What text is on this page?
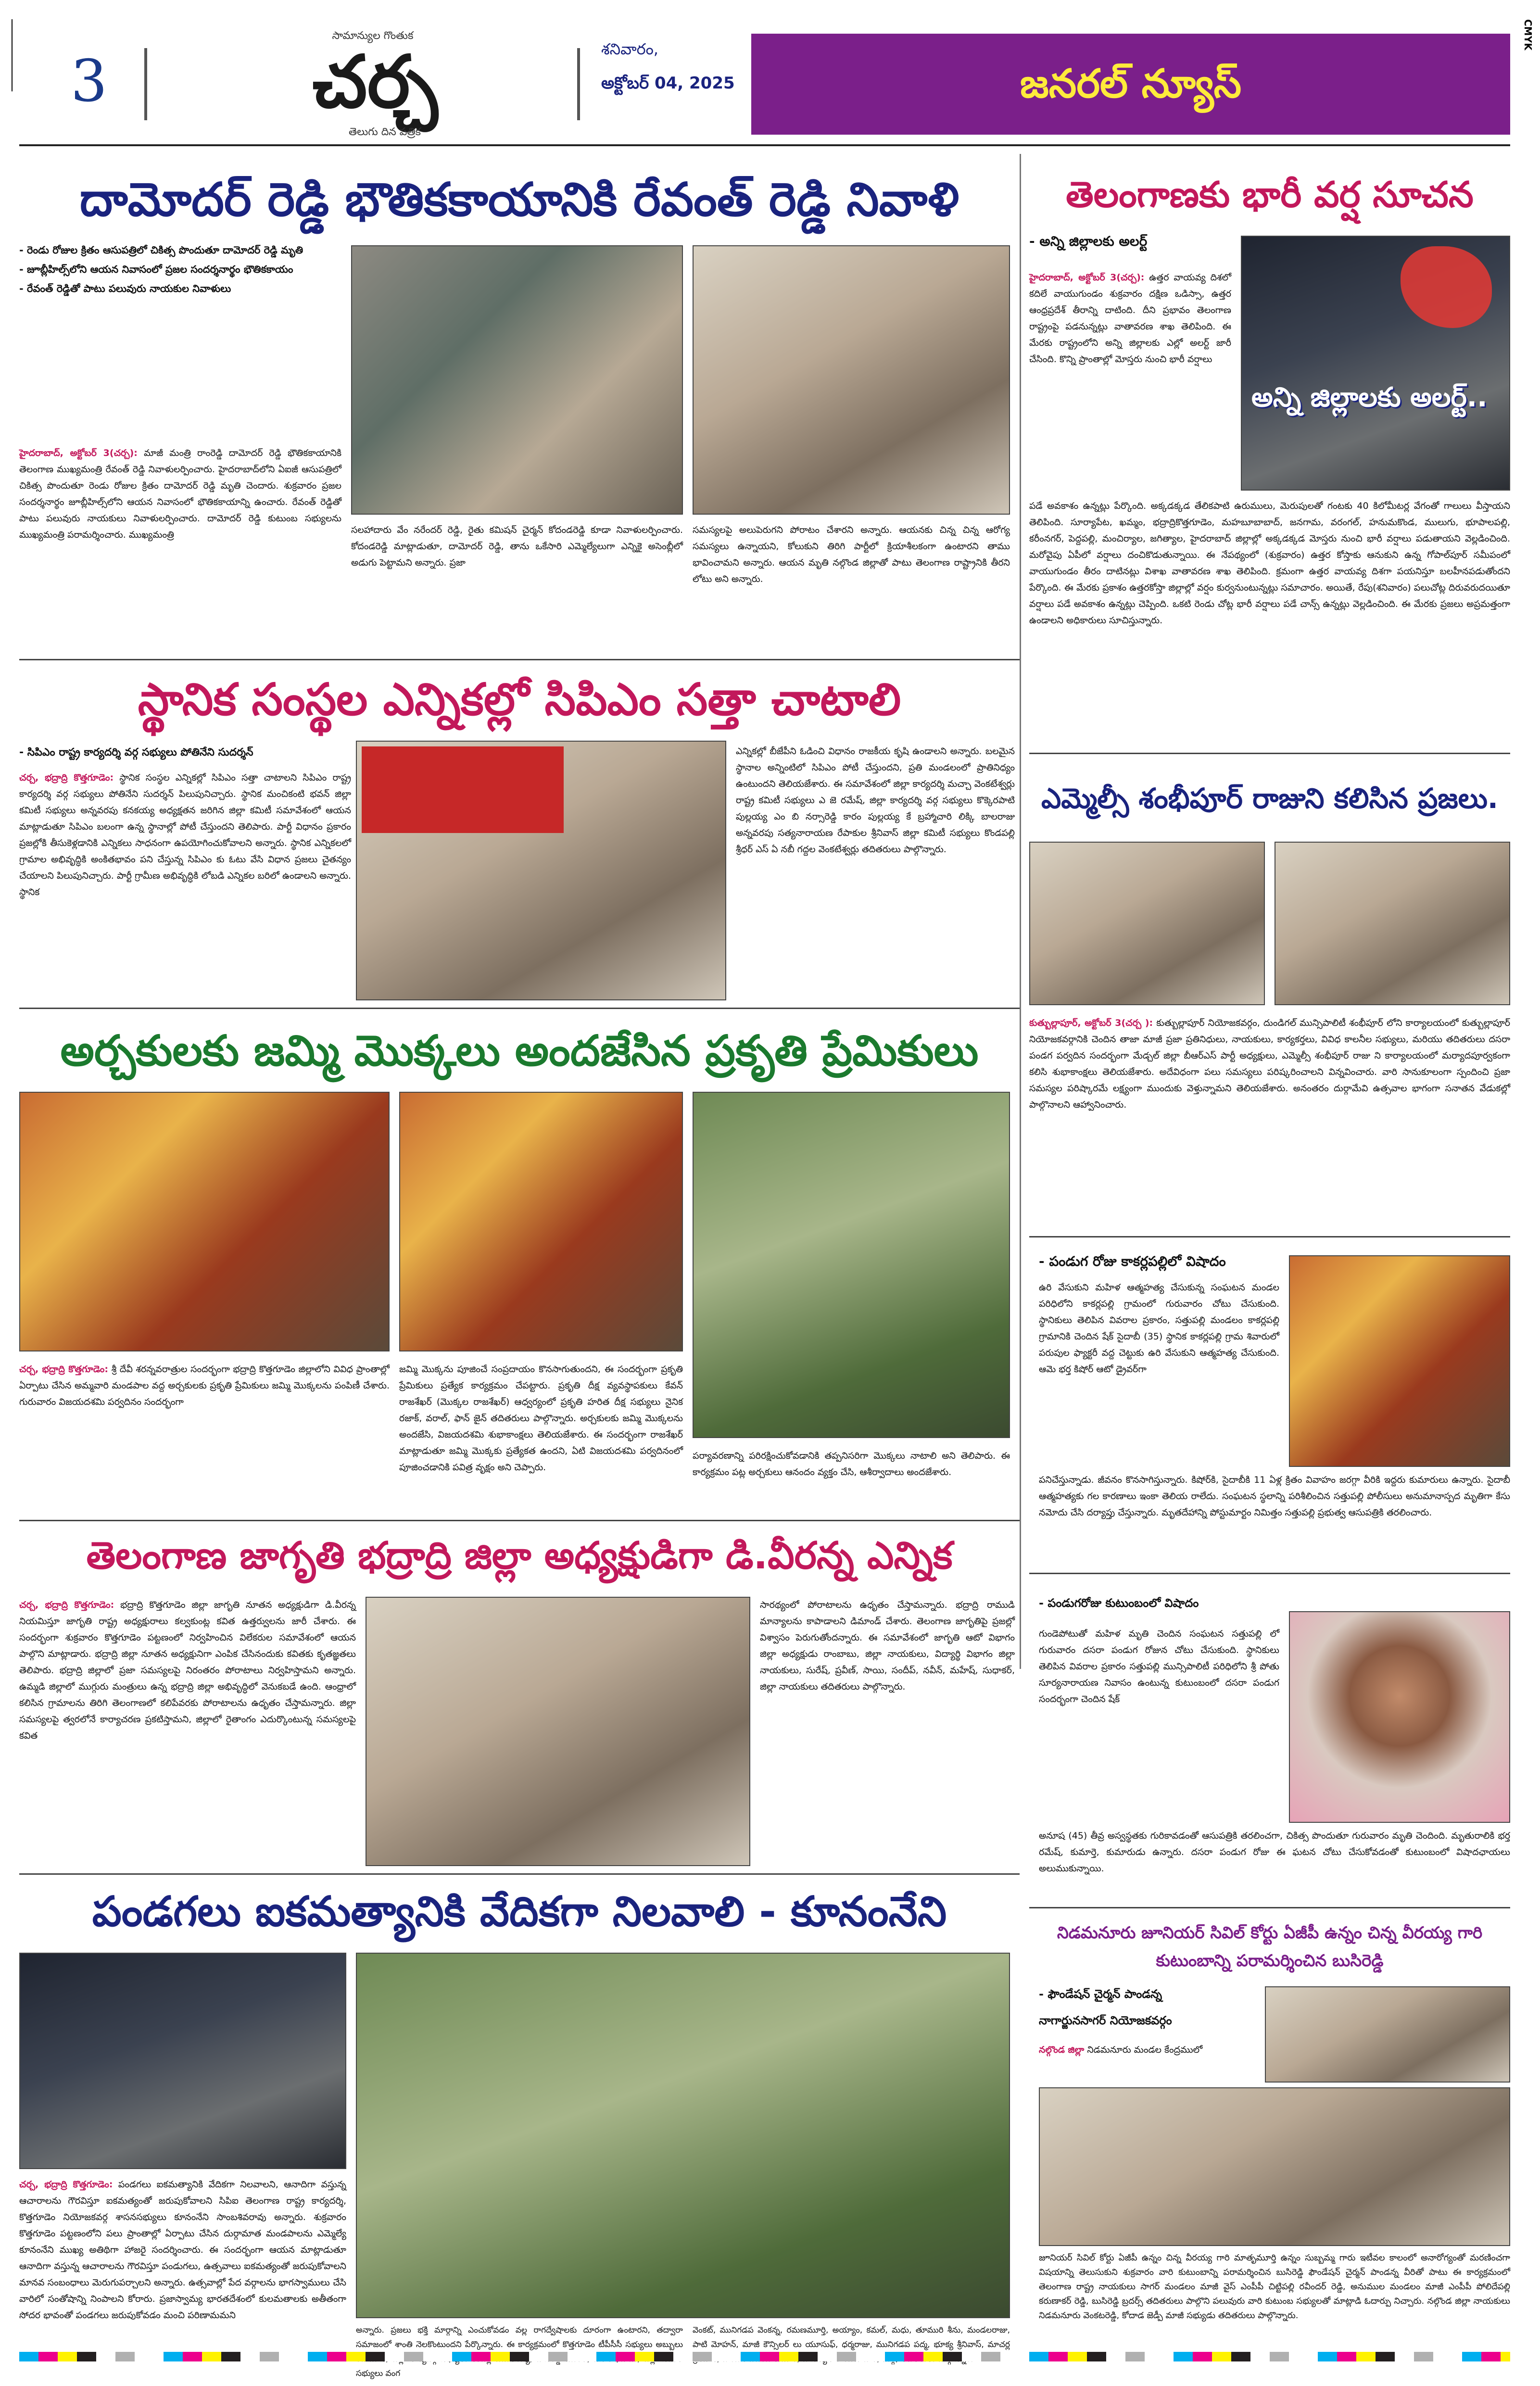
CMYK
3
సామాన్యుల గొంతుక
చర్చ
తెలుగు దిన పత్రిక
శనివారం,
అక్టోబర్ 04, 2025	జనరల్ న్యూస్
దామోదర్ రెడ్డి భౌతికకాయానికి రేవంత్ రెడ్డి నివాళి
- రెండు రోజుల క్రితం ఆసుపత్రిలో చికిత్స పొందుతూ దామోదర్ రెడ్డి మృతి
- జూబ్లీహిల్స్‌లోని ఆయన నివాసంలో ప్రజల సందర్శనార్థం భౌతికకాయం
- రేవంత్ రెడ్డితో పాటు పలువురు నాయకుల నివాళులు
హైదరాబాద్, అక్టోబర్ 3(చర్చ): మాజీ మంత్రి రాంరెడ్డి దామోదర్ రెడ్డి భౌతికకాయానికి తెలంగాణ ముఖ్యమంత్రి రేవంత్ రెడ్డి నివాళులర్పించారు. హైదరాబాద్‌లోని ఏఐజీ ఆసుపత్రిలో చికిత్స పొందుతూ రెండు రోజుల క్రితం దామోదర్ రెడ్డి మృతి చెందారు. శుక్రవారం ప్రజల సందర్శనార్థం జూబ్లీహిల్స్‌లోని ఆయన నివాసంలో భౌతికకాయాన్ని ఉంచారు. రేవంత్ రెడ్డితో పాటు పలువురు నాయకులు నివాళులర్పించారు. దామోదర్ రెడ్డి కుటుంబ సభ్యులను ముఖ్యమంత్రి పరామర్శించారు. ముఖ్యమంత్రి	సలహాదారు వేం నరేందర్ రెడ్డి, రైతు కమిషన్ చైర్మన్ కోదండరెడ్డి కూడా నివాళులర్పించారు. కోదండరెడ్డి మాట్లాడుతూ, దామోదర్ రెడ్డి, తాను ఒకేసారి ఎమ్మెల్యేలుగా ఎన్నికై అసెంబ్లీలో అడుగు పెట్టామని అన్నారు. ప్రజా
సమస్యలపై అలుపెరుగని పోరాటం చేశారని అన్నారు. ఆయనకు చిన్న చిన్న ఆరోగ్య సమస్యలు ఉన్నాయని, కోలుకుని తిరిగి పార్టీలో క్రియాశీలకంగా ఉంటారని తాము భావించామని అన్నారు. ఆయన మృతి నల్గొండ జిల్లాతో పాటు తెలంగాణ రాష్ట్రానికి తీరని లోటు అని అన్నారు.
తెలంగాణకు భారీ వర్ష సూచన
- అన్ని జిల్లాలకు అలర్ట్
హైదరాబాద్, అక్టోబర్ 3(చర్చ): ఉత్తర వాయవ్య దిశలో కదిలే వాయుగుండం శుక్రవారం దక్షిణ ఒడిస్సా, ఉత్తర ఆంధ్రప్రదేశ్ తీరాన్ని దాటింది. దీని ప్రభావం తెలంగాణ రాష్ట్రంపై పడనున్నట్లు వాతావరణ శాఖ తెలిపింది. ఈ మేరకు రాష్ట్రంలోని అన్ని జిల్లాలకు ఎల్లో అలర్ట్ జారీ చేసింది. కొన్ని ప్రాంతాల్లో మోస్తరు నుంచి భారీ వర్షాలు
అన్ని జిల్లాలకు అలర్ట్..
పడే అవకాశం ఉన్నట్లు పేర్కొంది. అక్కడక్కడ తేలికపాటి ఉరుములు, మెరుపులతో గంటకు 40 కిలోమీటర్ల వేగంతో గాలులు వీస్తాయని తెలిపింది. సూర్యాపేట, ఖమ్మం, భద్రాద్రికొత్తగూడెం, మహబూబాబాద్, జనగామ, వరంగల్, హనుమకొండ, ములుగు, భూపాలపల్లి, కరీంనగర్, పెద్దపల్లి, మంచిర్యాల, జగిత్యాల, హైదరాబాద్ జిల్లాల్లో అక్కడక్కడ మోస్తరు నుంచి భారీ వర్షాలు పడుతాయని వెల్లడించింది. మరోవైపు ఏపీలో వర్షాలు దంచికొడుతున్నాయి. ఈ నేపథ్యంలో (శుక్రవారం) ఉత్తర కోస్తాకు ఆనుకుని ఉన్న గోపాల్‌పూర్ సమీపంలో వాయుగుండం తీరం దాటినట్లు విశాఖ వాతావరణ శాఖ తెలిపింది. క్రమంగా ఉత్తర వాయవ్య దిశగా పయనిస్తూ బలహీనపడుతోందని పేర్కొంది. ఈ మేరకు ప్రకాశం ఉత్తరకోస్తా జిల్లాల్లో వర్షం కుర్వనుంటున్నట్లు సమాచారం. అయితే, రేపు(శనివారం) పలుచోట్ల దిరువరుదయితూ వర్షాలు పడే అవకాశం ఉన్నట్లు చెప్పింది. ఒకటి రెండు చోట్ల భారీ వర్షాలు పడే చాన్స్ ఉన్నట్లు వెల్లడించింది. ఈ మేరకు ప్రజలు అప్రమత్తంగా ఉండాలని అధికారులు సూచిస్తున్నారు.
స్థానిక సంస్థల ఎన్నికల్లో సిపిఎం సత్తా చాటాలి
- సిపిఎం రాష్ట్ర కార్యదర్శి వర్గ సభ్యులు పోతినేని సుదర్శన్
చర్చ, భద్రాద్రి కొత్తగూడెం: స్థానిక సంస్థల ఎన్నికల్లో సిపిఎం సత్తా చాటాలని సిపిఎం రాష్ట్ర కార్యదర్శి వర్గ సభ్యులు పోతినేని సుదర్శన్ పిలుపునిచ్చారు. స్థానిక మంచికంటి భవన్ జిల్లా కమిటీ సభ్యులు అన్నవరపు కనకయ్య అధ్యక్షతన జరిగిన జిల్లా కమిటీ సమావేశంలో ఆయన మాట్లాడుతూ సిపిఎం బలంగా ఉన్న స్థానాల్లో పోటీ చేస్తుందని తెలిపారు. పార్టీ విధానం ప్రకారం ప్రజల్లోకి తీసుకెళ్లడానికి ఎన్నికలు సాధనంగా ఉపయోగించుకోవాలని అన్నారు. స్థానిక ఎన్నికలలో గ్రామాల అభివృద్ధికి అంకితభావం పని చేస్తున్న సిపిఎం కు ఓటు వేసి విధాన ప్రజలు చైతన్యం చేయాలని పిలుపునిచ్చారు. పార్టీ గ్రామీణ అభివృద్ధికి లోబడి ఎన్నికల బరిలో ఉండాలని అన్నారు. స్థానిక
ఎన్నికల్లో బీజేపీని ఓడించి విధానం రాజకీయ కృషి ఉండాలని అన్నారు. బలమైన స్థానాల అన్నింటిలో సిపిఎం పోటీ చేస్తుందని, ప్రతి మండలంలో ప్రాతినిధ్యం ఉంటుందని తెలియజేశారు. ఈ సమావేశంలో జిల్లా కార్యదర్శి మచ్చా వెంకటేశ్వర్లు రాష్ట్ర కమిటీ సభ్యులు ఎ జె రమేష్, జిల్లా కార్యదర్శి వర్గ సభ్యులు కొక్కెరపాటి పుల్లయ్య ఎం బి నర్సారెడ్డి కారం పుల్లయ్య కే బ్రహ్మాచారి లిక్కి బాలరాజు అన్నవరపు సత్యనారాయణ రేపాకుల శ్రీనివాస్ జిల్లా కమిటీ సభ్యులు కొండపల్లి శ్రీధర్ ఎస్ ఏ నబీ గద్దల వెంకటేశ్వర్లు తదితరులు పాల్గొన్నారు.
ఎమ్మెల్సీ శంభీపూర్ రాజుని కలిసిన ప్రజలు.
కుత్బుల్లాపూర్, అక్టోబర్ 3(చర్చ ): కుత్బుల్లాపూర్ నియోజకవర్గం, దుండిగల్ మున్సిపాలిటీ శంభీపూర్ లోని కార్యాలయంలో కుత్బుల్లాపూర్ నియోజకవర్గానికి చెందిన తాజా మాజీ ప్రజా ప్రతినిధులు, నాయకులు, కార్యకర్తలు, వివిధ కాలనీల సభ్యులు, మరియు తదితరులు దసరా పండగ పర్వదిన సందర్భంగా మేడ్చల్ జిల్లా బీఆర్‌ఎస్ పార్టీ అధ్యక్షులు, ఎమ్మెల్సీ శంభీపూర్ రాజు ని కార్యాలయంలో మర్యాదపూర్వకంగా కలిసి శుభాకాంక్షలు తెలియజేశారు. అదేవిధంగా పలు సమస్యలు పరిష్కరించాలని విన్నవించారు. వారి సానుకూలంగా స్పందించి ప్రజా సమస్యల పరిష్కారమే లక్ష్యంగా ముందుకు వెళ్తున్నామని తెలియజేశారు. అనంతరం దుర్గామేవి ఉత్సవాల భాగంగా సనాతన వేడుకల్లో పాల్గొనాలని ఆహ్వానించారు.
అర్చకులకు జమ్మి మొక్కలు అందజేసిన ప్రకృతి ప్రేమికులు
చర్చ, భద్రాద్రి కొత్తగూడెం: శ్రీ దేవీ శరన్నవరాత్రుల సందర్భంగా భద్రాద్రి కొత్తగూడెం జిల్లాలోని వివిధ ప్రాంతాల్లో ఏర్పాటు చేసిన అమ్మవారి మండపాల వద్ద అర్చకులకు ప్రకృతి ప్రేమికులు జమ్మి మొక్కలను పంపిణీ చేశారు. గురువారం విజయదశమి పర్వదినం సందర్భంగా
జమ్మి మొక్కను పూజించే సంప్రదాయం కొనసాగుతుందని, ఈ సందర్భంగా ప్రకృతి ప్రేమికులు ప్రత్యేక కార్యక్రమం చేపట్టారు. ప్రకృతి దీక్ష వ్యవస్థాపకులు కేవన్ రాజశేఖర్ (మొక్కల రాజశేఖర్) ఆధ్వర్యంలో ప్రకృతి హరిత దీక్ష సభ్యులు నైనిక రజాక్, వరాల్, ఫాన్ జైన్ తదితరులు పాల్గొన్నారు. అర్చకులకు జమ్మి మొక్కలను అందజేసి, విజయదశమి శుభాకాంక్షలు తెలియజేశారు. ఈ సందర్భంగా రాజశేఖర్ మాట్లాడుతూ జమ్మి మొక్కకు ప్రత్యేకత ఉందని, ఏటి విజయదశమి పర్వదినంలో పూజించడానికి పవిత్ర వృక్షం అని చెప్పారు.
పర్యావరణాన్ని పరిరక్షించుకోవడానికి తప్పనిసరిగా మొక్కలు నాటాలి అని తెలిపారు. ఈ కార్యక్రమం పట్ల అర్చకులు ఆనందం వ్యక్తం చేసి, ఆశీర్వాదాలు అందజేశారు.
- పండుగ రోజు కాకర్లపల్లిలో విషాదం
ఉరి వేసుకుని మహిళ ఆత్మహత్య చేసుకున్న సంఘటన మండల పరిధిలోని కాకర్లపల్లి గ్రామంలో గురువారం చోటు చేసుకుంది. స్థానికులు తెలిపిన వివరాల ప్రకారం, సత్తుపల్లి మండలం కాకర్లపల్లి గ్రామానికి చెందిన షేక్ సైదాబీ (35) స్థానిక కాకర్లపల్లి గ్రామ శివారులో పరుపుల ఫ్యాక్టరీ వద్ద చెట్టుకు ఉరి వేసుకుని ఆత్మహత్య చేసుకుంది. ఆమె భర్త కిషోర్ ఆటో డ్రైవర్‌గా
పనిచేస్తున్నాడు. జీవనం కొనసాగిస్తున్నారు. కిషోర్‌కి, సైదాబీకి 11 ఏళ్ల క్రితం వివాహం జరగ్గా వీరికి ఇద్దరు కుమారులు ఉన్నారు. సైదాబీ ఆత్మహత్యకు గల కారణాలు ఇంకా తెలియ రాలేదు. సంఘటన స్థలాన్ని పరిశీలించిన సత్తుపల్లి పోలీసులు అనుమానాస్పద మృతిగా కేసు నమోదు చేసి దర్యాప్తు చేస్తున్నారు. మృతదేహాన్ని పోస్టుమార్టం నిమిత్తం సత్తుపల్లి ప్రభుత్వ ఆసుపత్రికి తరలించారు.
తెలంగాణ జాగృతి భద్రాద్రి జిల్లా అధ్యక్షుడిగా డి.వీరన్న ఎన్నిక
చర్చ, భద్రాద్రి కొత్తగూడెం: భద్రాద్రి కొత్తగూడెం జిల్లా జాగృతి నూతన అధ్యక్షుడిగా డి.వీరన్న నియమిస్తూ జాగృతి రాష్ట్ర అధ్యక్షురాలు కల్వకుంట్ల కవిత ఉత్తర్వులను జారీ చేశారు. ఈ సందర్భంగా శుక్రవారం కొత్తగూడెం పట్టణంలో నిర్వహించిన విలేకరుల సమావేశంలో ఆయన పాల్గొని మాట్లాడారు. భద్రాద్రి జిల్లా నూతన అధ్యక్షునిగా ఎంపిక చేసినందుకు కవితకు కృతజ్ఞతలు తెలిపారు. భద్రాద్రి జిల్లాలో ప్రజా సమస్యలపై నిరంతరం పోరాటాలు నిర్వహిస్తామని అన్నారు. ఉమ్మడి జిల్లాలో ముగ్గురు మంత్రులు ఉన్న భద్రాద్రి జిల్లా అభివృద్ధిలో వెనుకబడే ఉంది. ఆంధ్రాలో కలిసిన గ్రామాలను తిరిగి తెలంగాణలో కలిపేవరకు పోరాటాలను ఉధృతం చేస్తామన్నారు. జిల్లా సమస్యలపై త్వరలోనే కార్యాచరణ ప్రకటిస్తామని, జిల్లాలో రైతాంగం ఎదుర్కొంటున్న సమస్యలపై కవిత
సారథ్యంలో పోరాటాలను ఉధృతం చేస్తామన్నారు. భద్రాద్రి రాముడి మాన్యాలను కాపాడాలని డిమాండ్ చేశారు. తెలంగాణ జాగృతిపై ప్రజల్లో విశ్వాసం పెరుగుతోందన్నారు. ఈ సమావేశంలో జాగృతి ఆటో విభాగం జిల్లా అధ్యక్షుడు రాంబాబు, జిల్లా నాయకులు, విద్యార్థి విభాగం జిల్లా నాయకులు, సురేష్, ప్రవీణ్, సాయి, సందీప్, నవీన్, మహేష్, సుధాకర్, జిల్లా నాయకులు తదితరులు పాల్గొన్నారు.
- పండుగరోజు కుటుంబంలో విషాదం
గుండెపోటుతో మహిళ మృతి చెందిన సంఘటన సత్తుపల్లి లో గురువారం దసరా పండుగ రోజున చోటు చేసుకుంది. స్థానికులు తెలిపిన వివరాల ప్రకారం సత్తుపల్లి మున్సిపాలిటీ పరిధిలోని శ్రీ పోతు సూర్యనారాయణ నివాసం ఉంటున్న కుటుంబంలో దసరా పండుగ సందర్భంగా చెందిన షేక్
అనూష (45) తీవ్ర అస్వస్థతకు గురికావడంతో ఆసుపత్రికి తరలించగా, చికిత్స పొందుతూ గురువారం మృతి చెందింది. మృతురాలికి భర్త రమేష్, కుమార్తె, కుమారుడు ఉన్నారు. దసరా పండుగ రోజు ఈ ఘటన చోటు చేసుకోవడంతో కుటుంబంలో విషాదఛాయలు అలుముకున్నాయి.
పండగలు ఐకమత్యానికి వేదికగా నిలవాలి - కూనంనేని
చర్చ, భద్రాద్రి కొత్తగూడెం: పండగలు ఐకమత్యానికి వేదికగా నిలవాలని, ఆనాదిగా వస్తున్న ఆచారాలను గౌరవిస్తూ ఐకమత్యంతో జరుపుకోవాలని సిపిఐ తెలంగాణ రాష్ట్ర కార్యదర్శి, కొత్తగూడెం నియోజకవర్గ శాసనసభ్యులు కూనంనేని సాంబశివరావు అన్నారు. శుక్రవారం కొత్తగూడెం పట్టణంలోని పలు ప్రాంతాల్లో ఏర్పాటు చేసిన దుర్గామాత మండపాలను ఎమ్మెల్యే కూనంనేని ముఖ్య అతిథిగా హాజరై సందర్శించారు. ఈ సందర్భంగా ఆయన మాట్లాడుతూ ఆనాదిగా వస్తున్న ఆచారాలను గౌరవిస్తూ పండుగలు, ఉత్సవాలు ఐకమత్యంతో జరుపుకోవాలని మానవ సంబంధాలు మెరుగుపర్చాలని అన్నారు. ఉత్సవాల్లో పేద వర్గాలను భాగస్వాములు చేసి వారిలో సంతోషాన్ని నింపాలని కోరారు. ప్రజాస్వామ్య భారతదేశంలో కులమతాలకు అతీతంగా సోదర భావంతో పండగలు జరుపుకోవడం మంచి పరిణామమని
అన్నారు. ప్రజలు భక్తి మార్గాన్ని ఎంచుకోవడం వల్ల రాగద్వేషాలకు దూరంగా ఉంటారని, తద్వారా సమాజంలో శాంతి నెలకొంటుందని పేర్కొన్నారు. ఈ కార్యక్రమంలో కొత్తగూడెం టీపీసీసీ సభ్యులు అబ్బులు సభ్యులు వంగ
వెంకట్, మునిగడప వెంకన్న, రమణమూర్తి, అయ్యాం, కమల్, మధు, తూమురి శీను, మండలరాజు, పాటి మోహన్, మాజీ కౌన్సిలర్ లు యూసుఫ్, ధర్మరాజు, మునిగడప పద్మ, భూక్య శ్రీనివాస్, మాచర్ల
నిడమనూరు జూనియర్ సివిల్ కోర్టు ఏజీపీ ఉన్నం చిన్న వీరయ్య గారి కుటుంబాన్ని పరామర్శించిన బుసిరెడ్డి
- ఫౌండేషన్ చైర్మన్ పాండన్న
నాగార్జునసాగర్ నియోజకవర్గం
నల్గొండ జిల్లా నిడమనూరు మండల కేంద్రములో
జూనియర్ సివిల్ కోర్టు ఏజీపీ ఉన్నం చిన్న వీరయ్య గారి మాతృమూర్తి ఉన్నం సుబ్బమ్మ గారు ఇటీవల కాలంలో అనారోగ్యంతో మరణించగా విషయాన్ని తెలుసుకుని శుక్రవారం వారి కుటుంబాన్ని పరామర్శించిన బుసిరెడ్డి ఫౌండేషన్ చైర్మన్ పాండన్న వీరితో పాటు ఈ కార్యక్రమంలో తెలంగాణ రాష్ట్ర నాయకులు సాగర్ మండలం మాజీ వైస్ ఎంపీపీ చిట్టిపల్లి రవీందర్ రెడ్డి, అనుముల మండలం మాజీ ఎంపీపీ పోలిదేపల్లి కరుణాకర్ రెడ్డి, బుసిరెడ్డి బ్రదర్స్ తదితరులు పాల్గొని పలువురు వారి కుటుంబ సభ్యులతో మాట్లాడి ఓదార్పు నిచ్చారు. నల్గొండ జిల్లా నాయకులు నిడమనూరు వెంకటరెడ్డి, కోదాడ జెడ్పీ మాజీ సభ్యుడు తదితరులు పాల్గొన్నారు.
